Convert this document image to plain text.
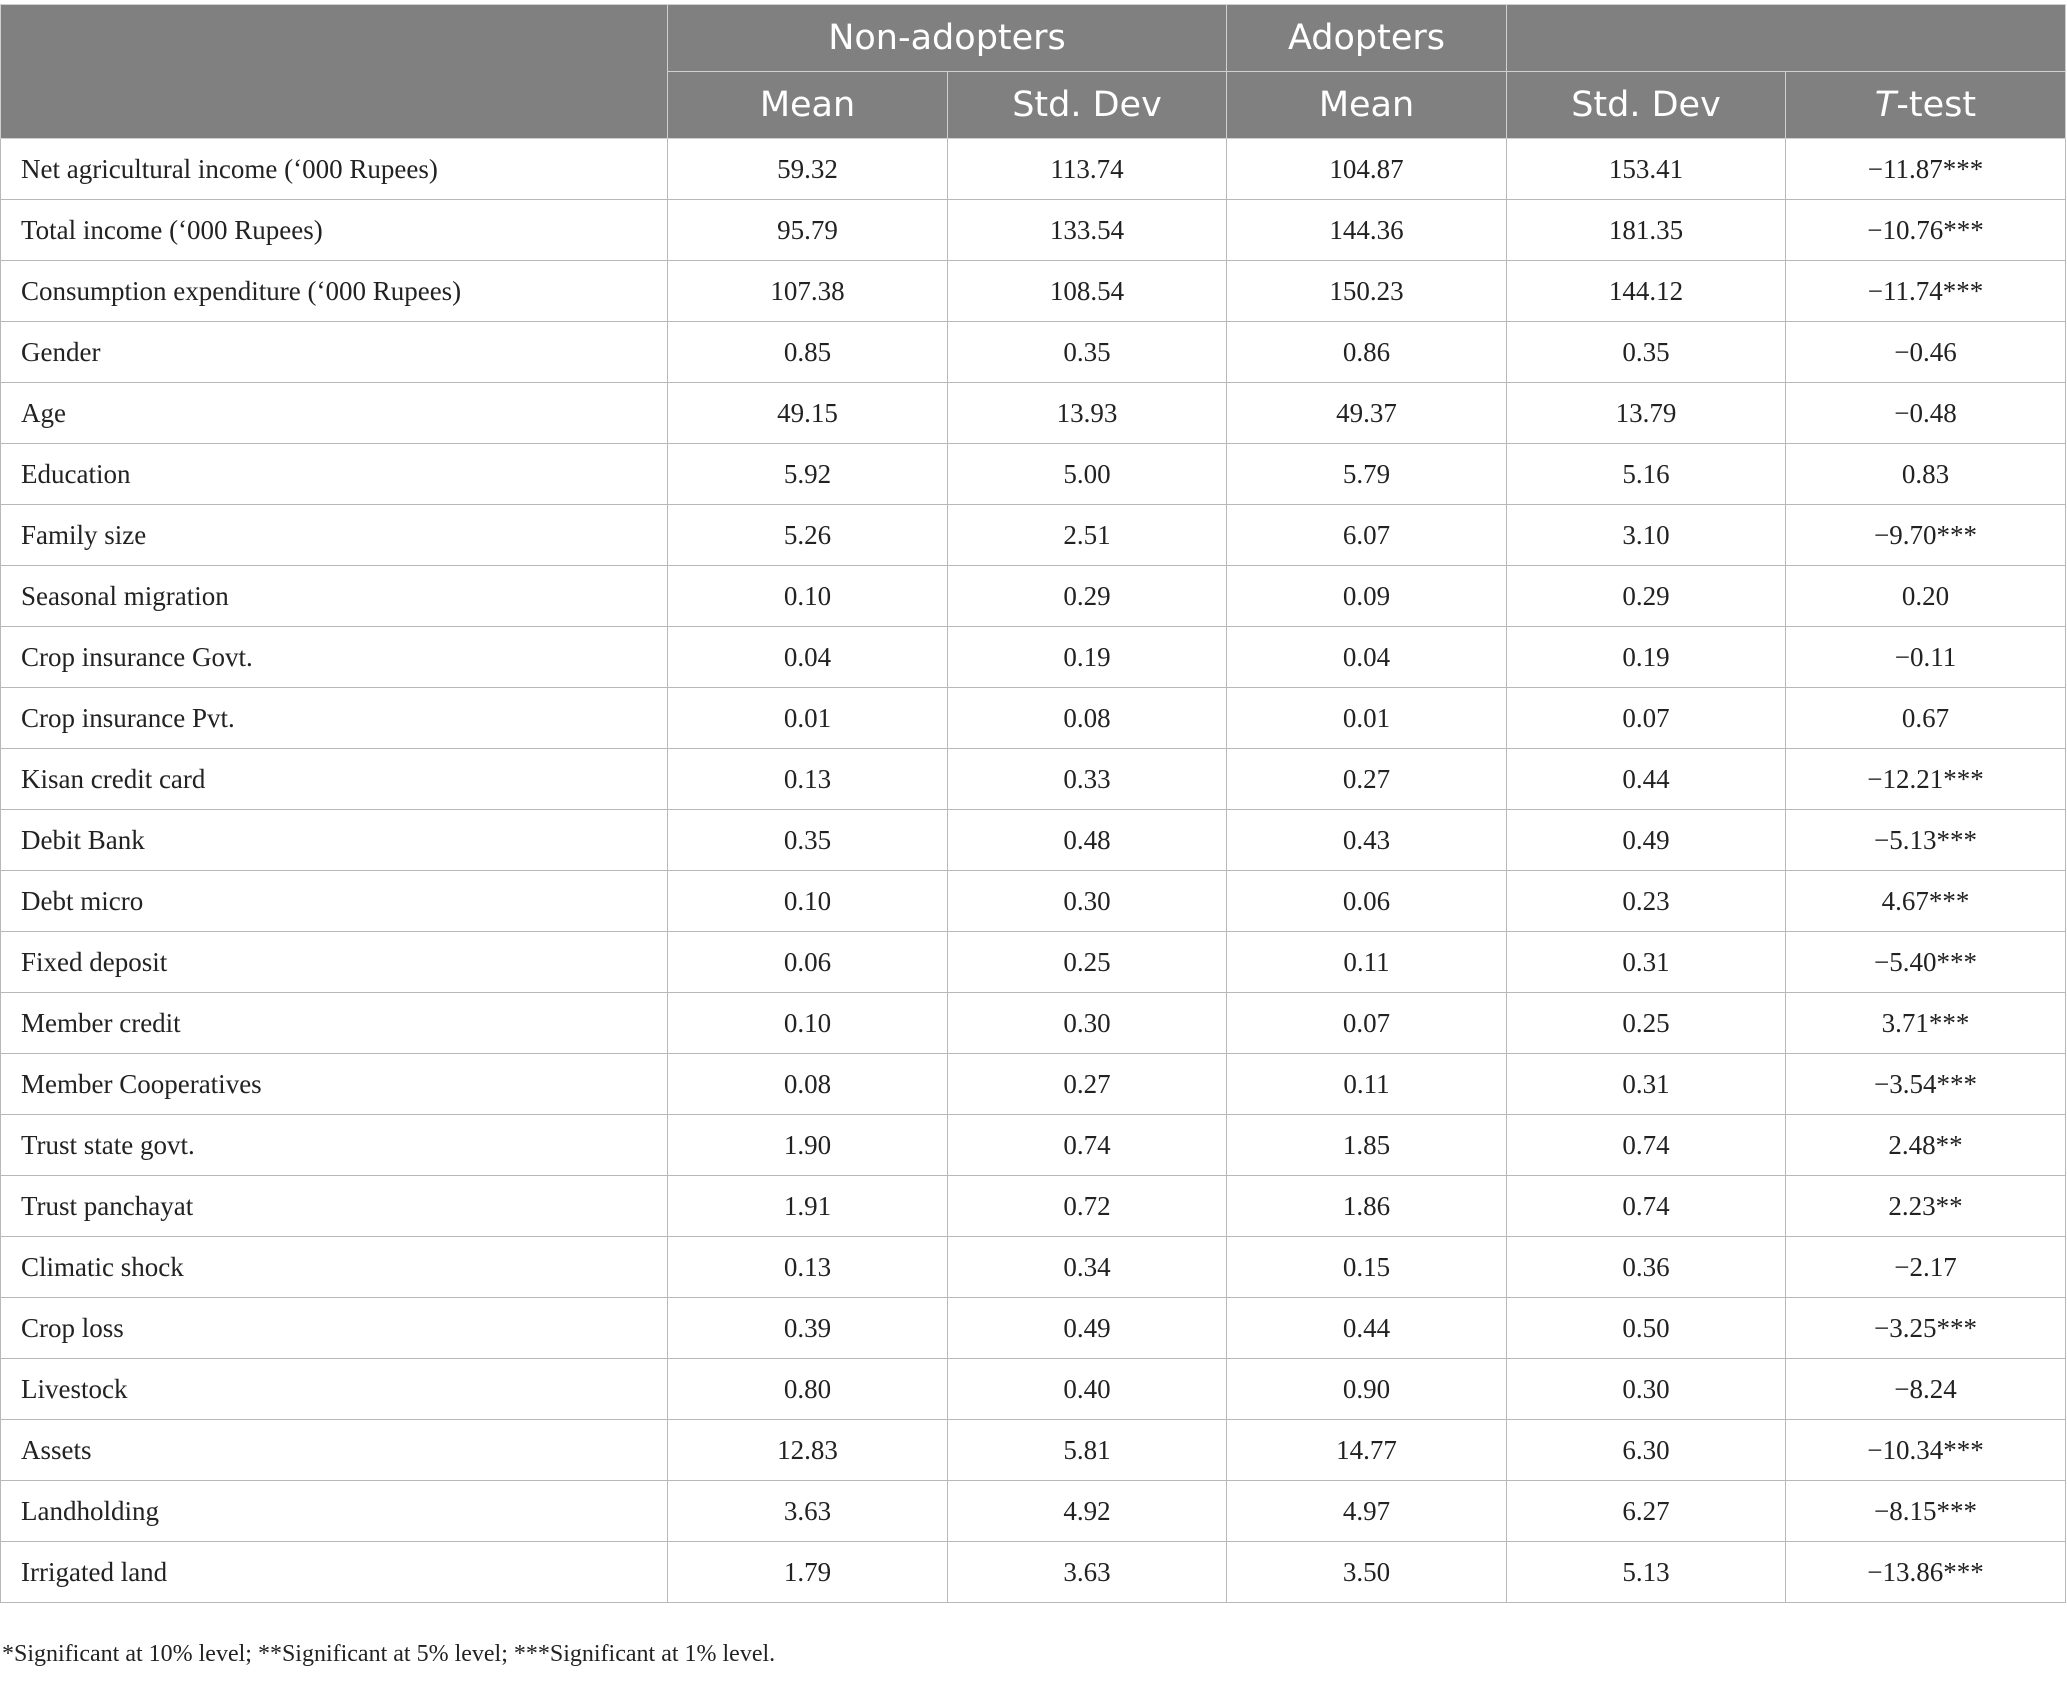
	Non-adopters		Adopters		
	Mean	Std. Dev	Mean	Std. Dev	T-test
Net agricultural income (‘000 Rupees)	59.32	113.74	104.87	153.41	−11.87***
Total income (‘000 Rupees)	95.79	133.54	144.36	181.35	−10.76***
Consumption expenditure (‘000 Rupees)	107.38	108.54	150.23	144.12	−11.74***
Gender	0.85	0.35	0.86	0.35	−0.46
Age	49.15	13.93	49.37	13.79	−0.48
Education	5.92	5.00	5.79	5.16	0.83
Family size	5.26	2.51	6.07	3.10	−9.70***
Seasonal migration	0.10	0.29	0.09	0.29	0.20
Crop insurance Govt.	0.04	0.19	0.04	0.19	−0.11
Crop insurance Pvt.	0.01	0.08	0.01	0.07	0.67
Kisan credit card	0.13	0.33	0.27	0.44	−12.21***
Debit Bank	0.35	0.48	0.43	0.49	−5.13***
Debt micro	0.10	0.30	0.06	0.23	4.67***
Fixed deposit	0.06	0.25	0.11	0.31	−5.40***
Member credit	0.10	0.30	0.07	0.25	3.71***
Member Cooperatives	0.08	0.27	0.11	0.31	−3.54***
Trust state govt.	1.90	0.74	1.85	0.74	2.48**
Trust panchayat	1.91	0.72	1.86	0.74	2.23**
Climatic shock	0.13	0.34	0.15	0.36	−2.17
Crop loss	0.39	0.49	0.44	0.50	−3.25***
Livestock	0.80	0.40	0.90	0.30	−8.24
Assets	12.83	5.81	14.77	6.30	−10.34***
Landholding	3.63	4.92	4.97	6.27	−8.15***
Irrigated land	1.79	3.63	3.50	5.13	−13.86***
*Significant at 10% level; **Significant at 5% level; ***Significant at 1% level.
